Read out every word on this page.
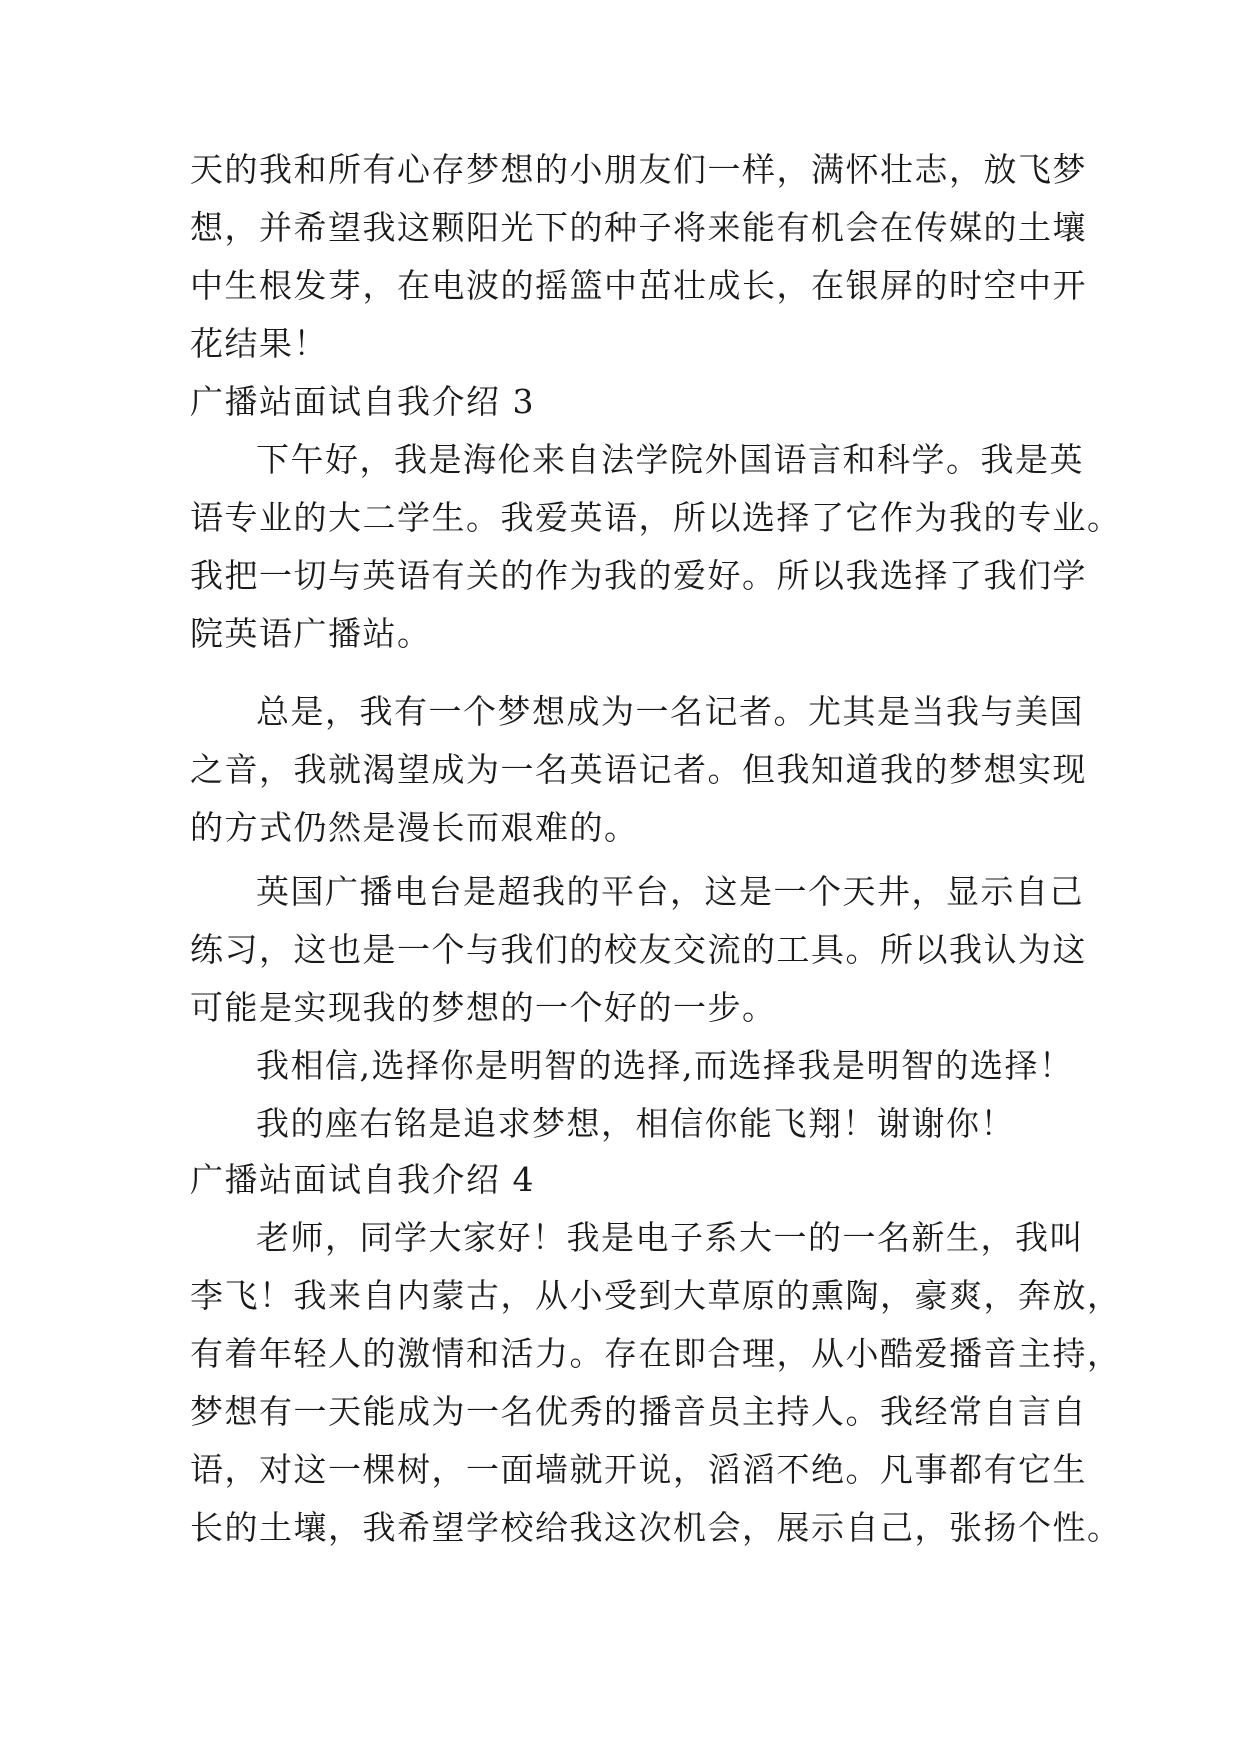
天的我和所有心存梦想的小朋友们一样，满怀壮志，放飞梦
想，并希望我这颗阳光下的种子将来能有机会在传媒的土壤
中生根发芽，在电波的摇篮中茁壮成长，在银屏的时空中开
花结果！
广播站面试自我介绍 3
下午好，我是海伦来自法学院外国语言和科学。我是英
语专业的大二学生。我爱英语，所以选择了它作为我的专业。
我把一切与英语有关的作为我的爱好。所以我选择了我们学
院英语广播站。
总是，我有一个梦想成为一名记者。尤其是当我与美国
之音，我就渴望成为一名英语记者。但我知道我的梦想实现
的方式仍然是漫长而艰难的。
英国广播电台是超我的平台，这是一个天井，显示自己
练习，这也是一个与我们的校友交流的工具。所以我认为这
可能是实现我的梦想的一个好的一步。
我相信,选择你是明智的选择,而选择我是明智的选择！
我的座右铭是追求梦想，相信你能飞翔！谢谢你！
广播站面试自我介绍 4
老师，同学大家好！我是电子系大一的一名新生，我叫
李飞！我来自内蒙古，从小受到大草原的熏陶，豪爽，奔放，
有着年轻人的激情和活力。存在即合理，从小酷爱播音主持，
梦想有一天能成为一名优秀的播音员主持人。我经常自言自
语，对这一棵树，一面墙就开说，滔滔不绝。凡事都有它生
长的土壤，我希望学校给我这次机会，展示自己，张扬个性。
